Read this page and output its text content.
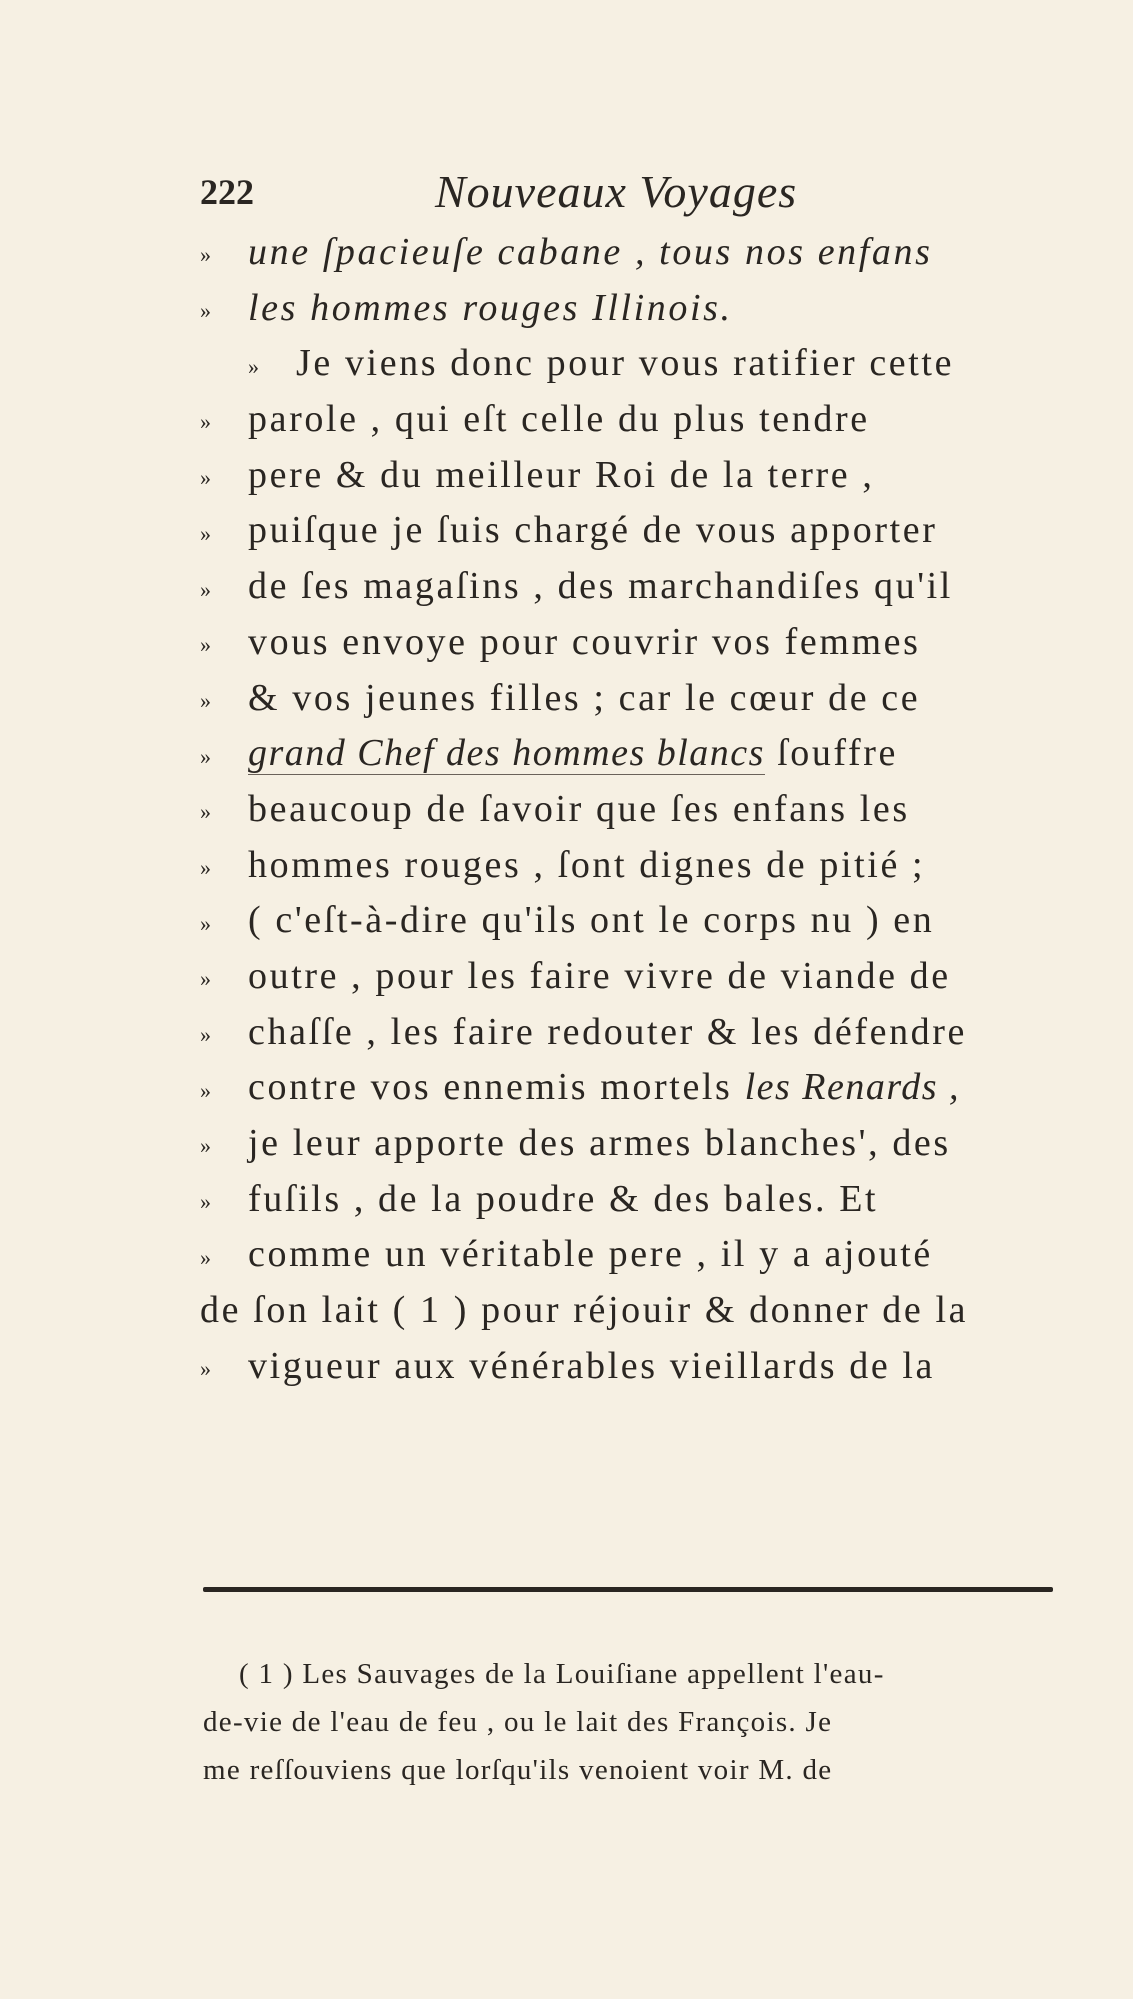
222	Nouveaux Voyages
» une ſpacieuſe cabane , tous nos enfans
» les hommes rouges Illinois.
» Je viens donc pour vous ratifier cette
» parole , qui eſt celle du plus tendre
» pere & du meilleur Roi de la terre ,
» puiſque je ſuis chargé de vous apporter
» de ſes magaſins , des marchandiſes qu'il
» vous envoye pour couvrir vos femmes
» & vos jeunes filles ; car le cœur de ce
» grand Chef des hommes blancs ſouffre
» beaucoup de ſavoir que ſes enfans les
» hommes rouges , ſont dignes de pitié ;
» ( c'eſt-à-dire qu'ils ont le corps nu ) en
» outre , pour les faire vivre de viande de
» chaſſe , les faire redouter & les défendre
» contre vos ennemis mortels les Renards ,
» je leur apporte des armes blanches', des
» fuſils , de la poudre & des bales. Et
» comme un véritable pere , il y a ajouté
de ſon lait ( 1 ) pour réjouir & donner de la
» vigueur aux vénérables vieillards de la
( 1 ) Les Sauvages de la Louiſiane appellent l'eau-
de-vie de l'eau de feu , ou le lait des François. Je
me reſſouviens que lorſqu'ils venoient voir M. de
